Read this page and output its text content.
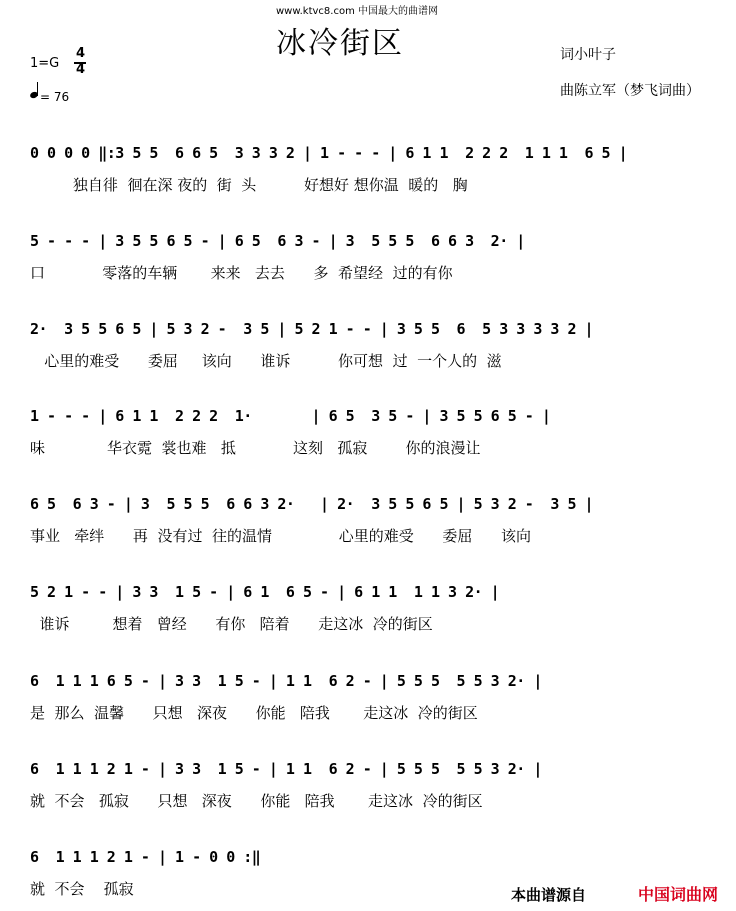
www.ktvc8.com 中国最大的曲谱网
冰冷街区
1=G
4
4
= 76
词小叶子
曲陈立军（梦飞词曲）
0 0 0 0 ‖:3 5 5  6 6 5  3 3 3 2 | 1 - - - | 6 1 1  2 2 2  1 1 1  6 5 |
独自徘  徊在深 夜的  街  头          好想好 想你温  暖的   胸
5 - - - | 3 5 5 6 5 - | 6 5  6 3 - | 3  5 5 5  6 6 3  2· |
口            零落的车辆       来来   去去      多  希望经  过的有你
2·  3 5 5 6 5 | 5 3 2 -  3 5 | 5 2 1 - - | 3 5 5  6  5 3 3 3 3 2 |
心里的难受      委屈     该向      谁诉          你可想  过  一个人的  滋
1 - - - | 6 1 1  2 2 2  1·       | 6 5  3 5 - | 3 5 5 6 5 - |
味             华衣霓  裳也难   抵            这刻   孤寂        你的浪漫让
6 5  6 3 - | 3  5 5 5  6 6 3 2·   | 2·  3 5 5 6 5 | 5 3 2 -  3 5 |
事业   牵绊      再  没有过  往的温情              心里的难受      委屈      该向
5 2 1 - - | 3 3  1 5 - | 6 1  6 5 - | 6 1 1  1 1 3 2· |
谁诉         想着   曾经      有你   陪着      走这冰  冷的街区
6  1 1 1 6 5 - | 3 3  1 5 - | 1 1  6 2 - | 5 5 5  5 5 3 2· |
是  那么  温馨      只想   深夜      你能   陪我       走这冰  冷的街区
6  1 1 1 2 1 - | 3 3  1 5 - | 1 1  6 2 - | 5 5 5  5 5 3 2· |
就  不会   孤寂      只想   深夜      你能   陪我       走这冰  冷的街区
6  1 1 1 2 1 - | 1 - 0 0 :‖
就  不会    孤寂	本曲谱源自	中国词曲网
